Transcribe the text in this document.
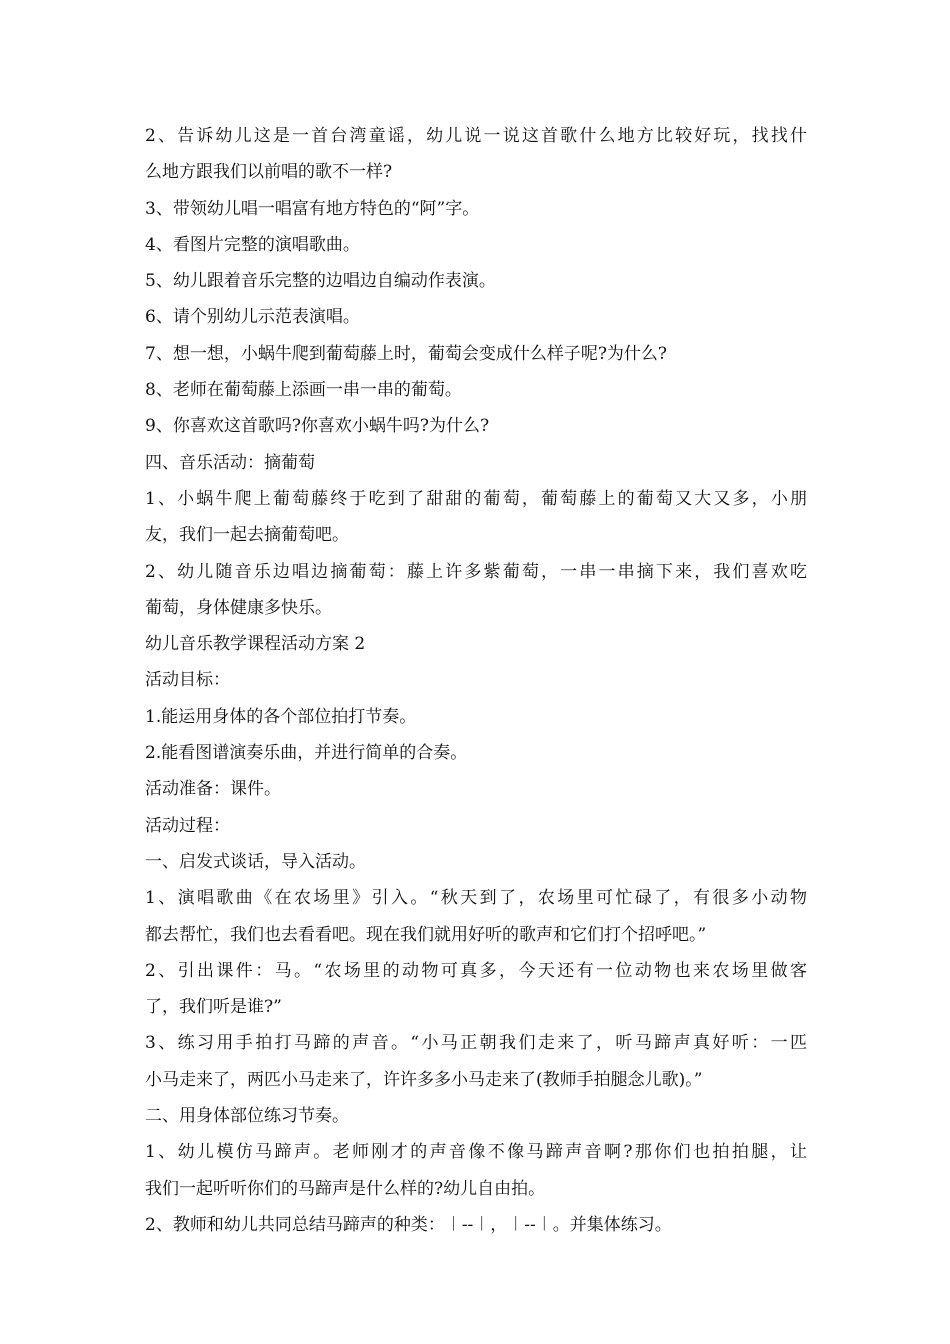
2、告诉幼儿这是一首台湾童谣，幼儿说一说这首歌什么地方比较好玩，找找什
么地方跟我们以前唱的歌不一样?
3、带领幼儿唱一唱富有地方特色的“阿”字。
4、看图片完整的演唱歌曲。
5、幼儿跟着音乐完整的边唱边自编动作表演。
6、请个别幼儿示范表演唱。
7、想一想，小蜗牛爬到葡萄藤上时，葡萄会变成什么样子呢?为什么?
8、老师在葡萄藤上添画一串一串的葡萄。
9、你喜欢这首歌吗?你喜欢小蜗牛吗?为什么?
四、音乐活动：摘葡萄
1、小蜗牛爬上葡萄藤终于吃到了甜甜的葡萄，葡萄藤上的葡萄又大又多，小朋
友，我们一起去摘葡萄吧。
2、幼儿随音乐边唱边摘葡萄：藤上许多紫葡萄，一串一串摘下来，我们喜欢吃
葡萄，身体健康多快乐。
幼儿音乐教学课程活动方案 2
活动目标：
1.能运用身体的各个部位拍打节奏。
2.能看图谱演奏乐曲，并进行简单的合奏。
活动准备：课件。
活动过程：
一、启发式谈话，导入活动。
1、演唱歌曲《在农场里》引入。“秋天到了，农场里可忙碌了，有很多小动物
都去帮忙，我们也去看看吧。现在我们就用好听的歌声和它们打个招呼吧。”
2、引出课件：马。“农场里的动物可真多，今天还有一位动物也来农场里做客
了，我们听是谁?”
3、练习用手拍打马蹄的声音。“小马正朝我们走来了，听马蹄声真好听：一匹
小马走来了，两匹小马走来了，许许多多小马走来了(教师手拍腿念儿歌)。”
二、用身体部位练习节奏。
1、幼儿模仿马蹄声。老师刚才的声音像不像马蹄声音啊?那你们也拍拍腿，让
我们一起听听你们的马蹄声是什么样的?幼儿自由拍。
2、教师和幼儿共同总结马蹄声的种类：︱--︱，︱--︱。并集体练习。
